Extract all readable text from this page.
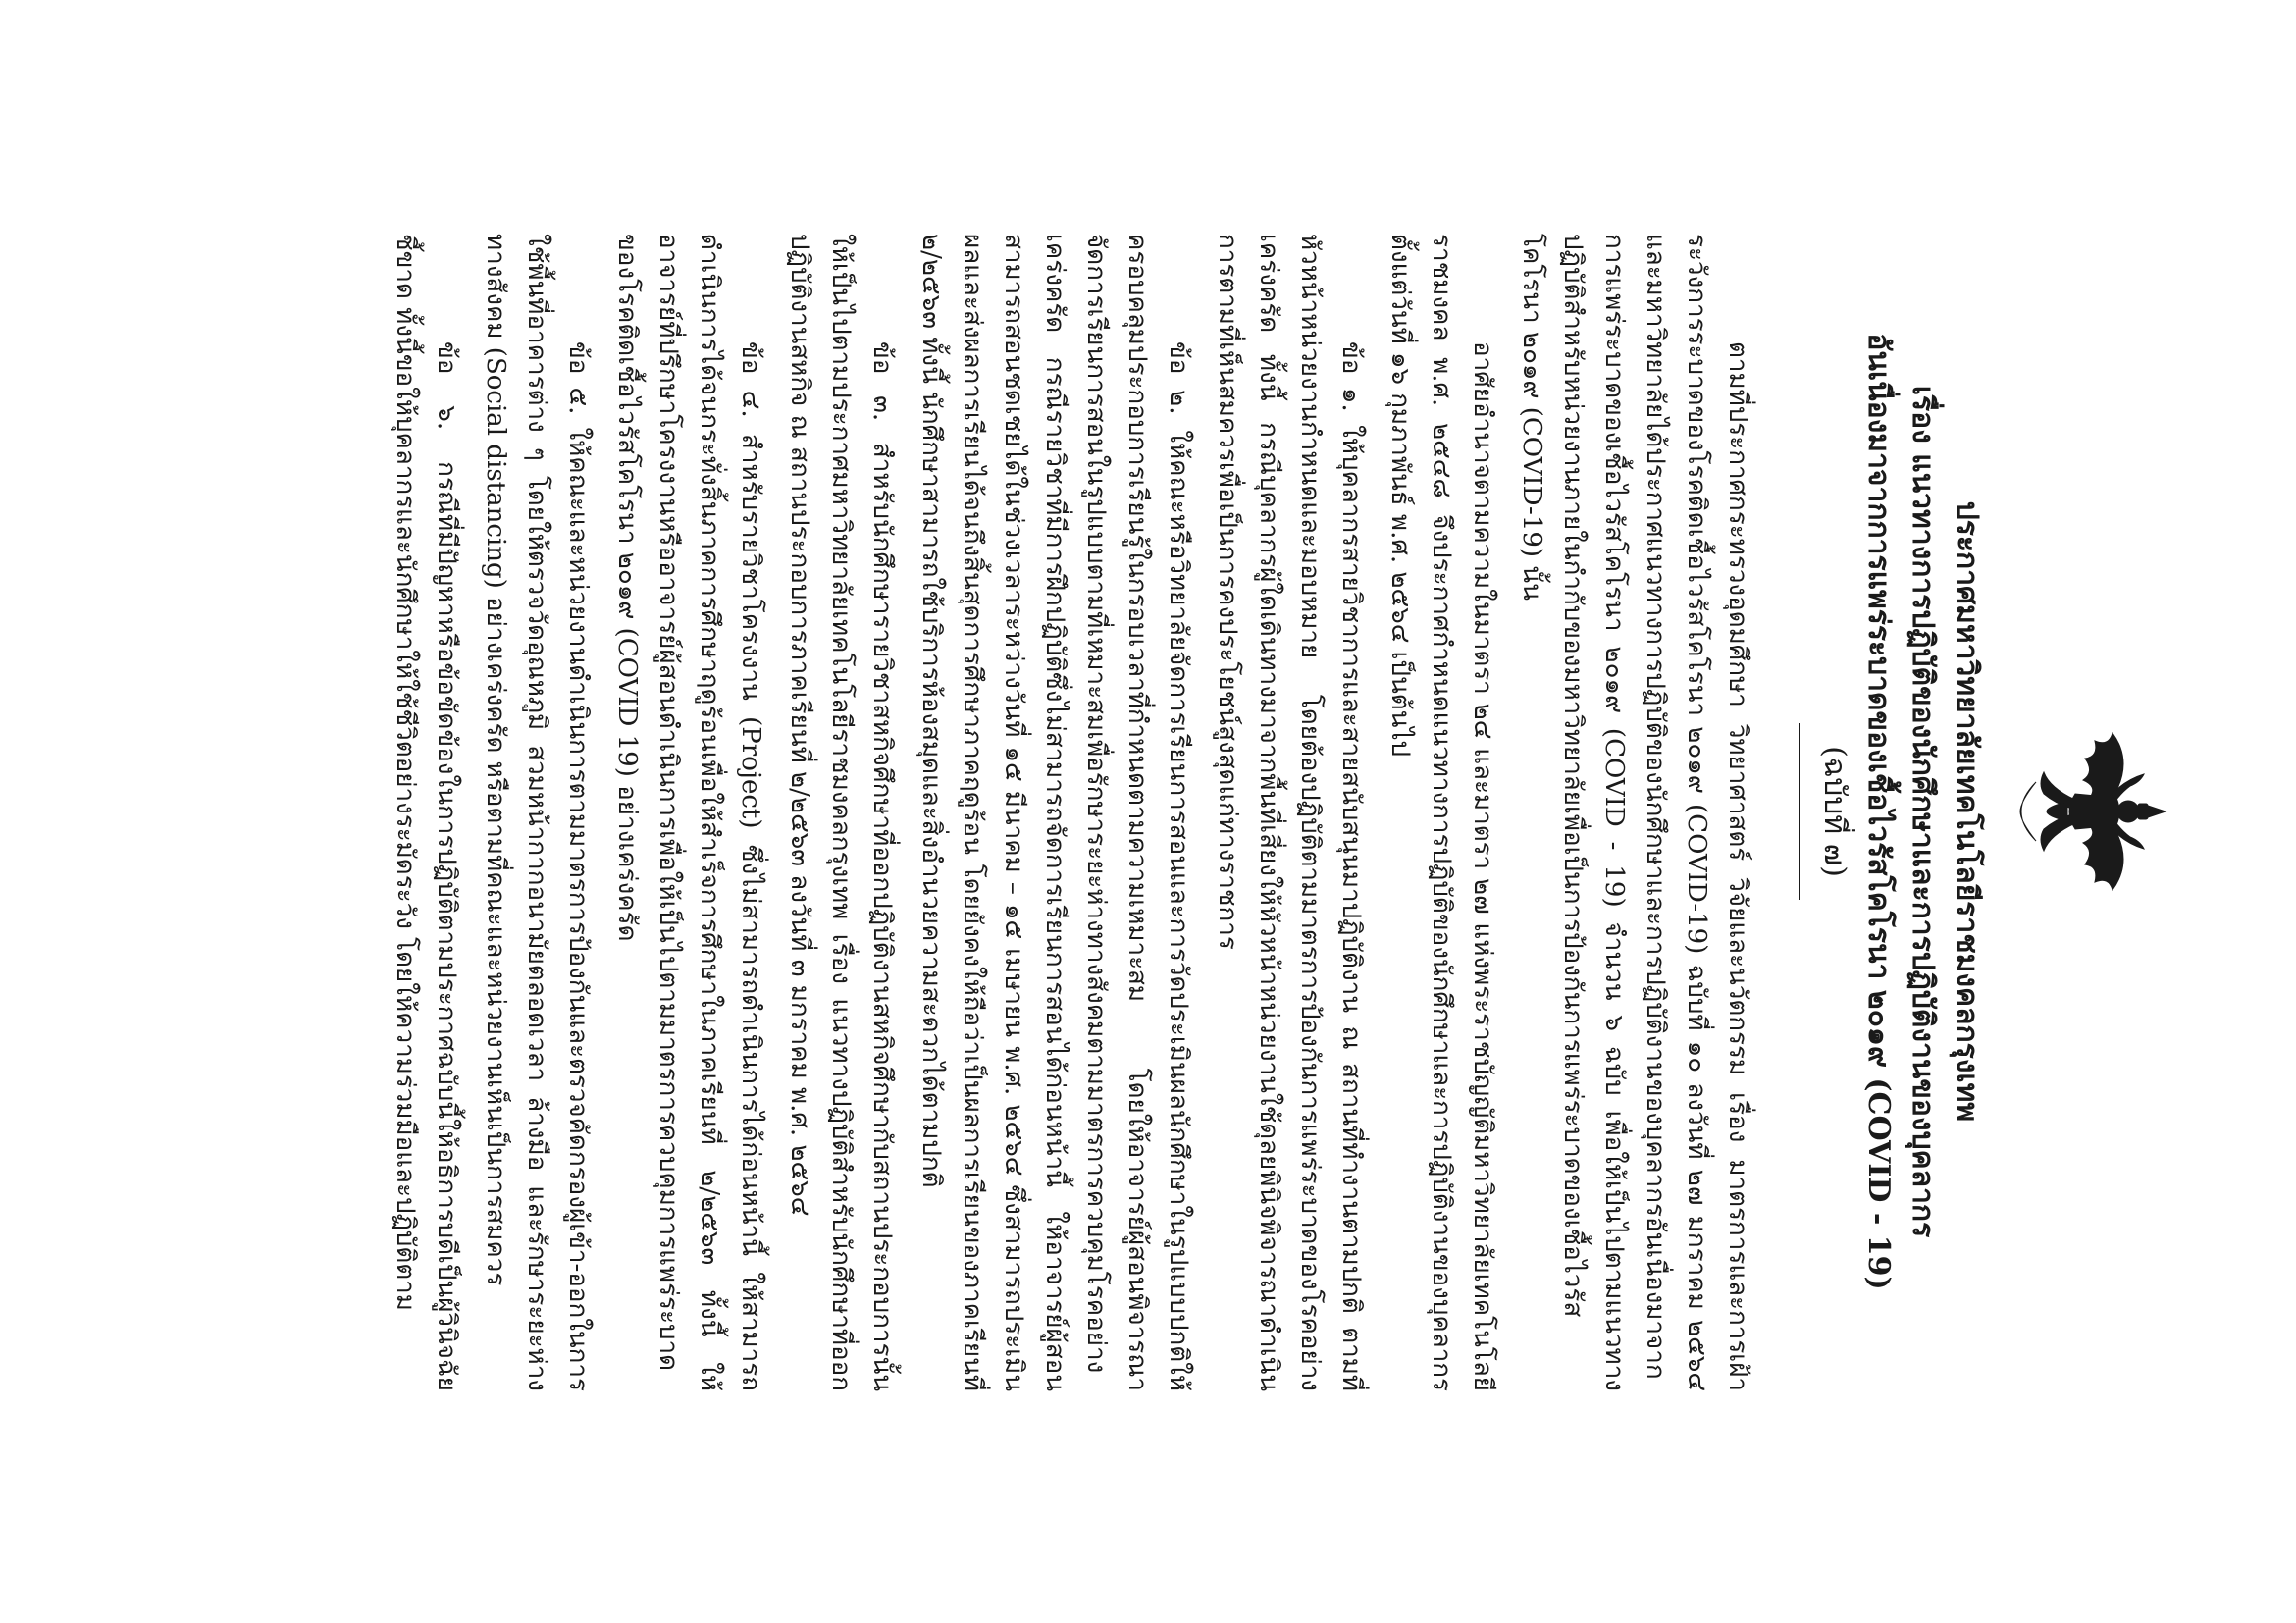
ประกาศมหาวิทยาลัยเทคโนโลยีราชมงคลกรุงเทพ
เรื่อง แนวทางการปฏิบัติของนักศึกษาและการปฏิบัติงานของบุคลากร
อันเนื่องมาจากการแพร่ระบาดของเชื้อไวรัสโคโรนา ๒๐๑๙ (COVID - 19)
(ฉบับที่ ๗)

ตามที่ประกาศกระทรวงอุดมศึกษา วิทยาศาสตร์ วิจัยและนวัตกรรม เรื่อง มาตรการและการเฝ้าระวังการระบาดของโรคติดเชื้อไวรัสโคโรนา ๒๐๑๙ (COVID-19) ฉบับที่ ๑๐ ลงวันที่ ๒๗ มกราคม ๒๕๖๔ และมหาวิทยาลัยได้ประกาศแนวทางการปฏิบัติของนักศึกษาและการปฏิบัติงานของบุคลากรอันเนื่องมาจากการแพร่ระบาดของเชื้อไวรัสโคโรนา ๒๐๑๙ (COVID - 19) จำนวน ๖ ฉบับ เพื่อให้เป็นไปตามแนวทางปฏิบัติสำหรับหน่วยงานภายในกำกับของมหาวิทยาลัยเพื่อเป็นการป้องกันการแพร่ระบาดของเชื้อไวรัสโคโรนา ๒๐๑๙ (COVID-19) นั้น

อาศัยอำนาจตามความในมาตรา ๒๔ และมาตรา ๒๗ แห่งพระราชบัญญัติมหาวิทยาลัยเทคโนโลยีราชมงคล พ.ศ. ๒๕๔๘ จึงประกาศกำหนดแนวทางการปฏิบัติของนักศึกษาและการปฏิบัติงานของบุคลากร ตั้งแต่วันที่ ๑๖ กุมภาพันธ์ พ.ศ. ๒๕๖๔ เป็นต้นไป

ข้อ ๑. ให้บุคลากรสายวิชาการและสายสนับสนุนมาปฏิบัติงาน ณ สถานที่ทำงานตามปกติ ตามที่หัวหน้าหน่วยงานกำหนดและมอบหมาย โดยต้องปฏิบัติตามมาตรการป้องกันการแพร่ระบาดของโรคอย่างเคร่งครัด ทั้งนี้ กรณีบุคลากรผู้ใดเดินทางมาจากพื้นที่เสี่ยงให้หัวหน้าหน่วยงานใช้ดุลยพินิจพิจารณาดำเนินการตามที่เห็นสมควรเพื่อเป็นการคงประโยชน์สูงสุดแก่ทางราชการ

ข้อ ๒. ให้คณะหรือวิทยาลัยจัดการเรียนการสอนและการวัดประเมินผลนักศึกษาในรูปแบบปกติให้ครอบคลุมประกอบการเรียนรู้ในกรอบเวลาที่กำหนดตามความเหมาะสม โดยให้อาจารย์ผู้สอนพิจารณาจัดการเรียนการสอนในรูปแบบตามที่เหมาะสมเพื่อรักษาระยะห่างทางสังคมตามมาตรการควบคุมโรคอย่างเคร่งครัด กรณีรายวิชาที่มีการฝึกปฏิบัติซึ่งไม่สามารถจัดการเรียนการสอนได้ก่อนหน้านี้ ให้อาจารย์ผู้สอนสามารถสอนชดเชยได้ในช่วงเวลาระหว่างวันที่ ๑๕ มีนาคม – ๑๕ เมษายน พ.ศ. ๒๕๖๔ ซึ่งสามารถประเมินผลและส่งผลการเรียนได้จนถึงสิ้นสุดการศึกษาภาคฤดูร้อน โดยยังคงให้ถือว่าเป็นผลการเรียนของภาคเรียนที่ ๒/๒๕๖๓ ทั้งนี้ นักศึกษาสามารถใช้บริการห้องสมุดและสิ่งอำนวยความสะดวกได้ตามปกติ

ข้อ ๓. สำหรับนักศึกษารายวิชาสหกิจศึกษาที่ออกปฏิบัติงานสหกิจศึกษากับสถานประกอบการนั้น ให้เป็นไปตามประกาศมหาวิทยาลัยเทคโนโลยีราชมงคลกรุงเทพ เรื่อง แนวทางปฏิบัติสำหรับนักศึกษาที่ออกปฏิบัติงานสหกิจ ณ สถานประกอบการภาคเรียนที่ ๒/๒๕๖๓ ลงวันที่ ๓ มกราคม พ.ศ. ๒๕๖๔

ข้อ ๔. สำหรับรายวิชาโครงงาน (Project) ซึ่งไม่สามารถดำเนินการได้ก่อนหน้านี้ ให้สามารถดำเนินการได้จนกระทั่งสิ้นภาคการศึกษาฤดูร้อนเพื่อให้สำเร็จการศึกษาในภาคเรียนที่ ๒/๒๕๖๓ ทั้งนี้ ให้อาจารย์ที่ปรึกษาโครงงานหรืออาจารย์ผู้สอนดำเนินการเพื่อให้เป็นไปตามมาตรการควบคุมการแพร่ระบาดของโรคติดเชื้อไวรัสโคโรนา ๒๐๑๙ (COVID 19) อย่างเคร่งครัด

ข้อ ๕. ให้คณะและหน่วยงานดำเนินการตามมาตรการป้องกันและตรวจคัดกรองผู้เข้า-ออกในการใช้พื้นที่อาคารต่าง ๆ โดยให้ตรวจวัดอุณหภูมิ สวมหน้ากากอนามัยตลอดเวลา ล้างมือ และรักษาระยะห่างทางสังคม (Social distancing) อย่างเคร่งครัด หรือตามที่คณะและหน่วยงานเห็นเป็นการสมควร

ข้อ ๖. กรณีที่มีปัญหาหรือข้อขัดข้องในการปฏิบัติตามประกาศฉบับนี้ให้อธิการบดีเป็นผู้วินิจฉัยชี้ขาด ทั้งนี้ขอให้บุคลากรและนักศึกษาให้ใช้ชีวิตอย่างระมัดระวัง โดยให้ความร่วมมือและปฏิบัติตาม
